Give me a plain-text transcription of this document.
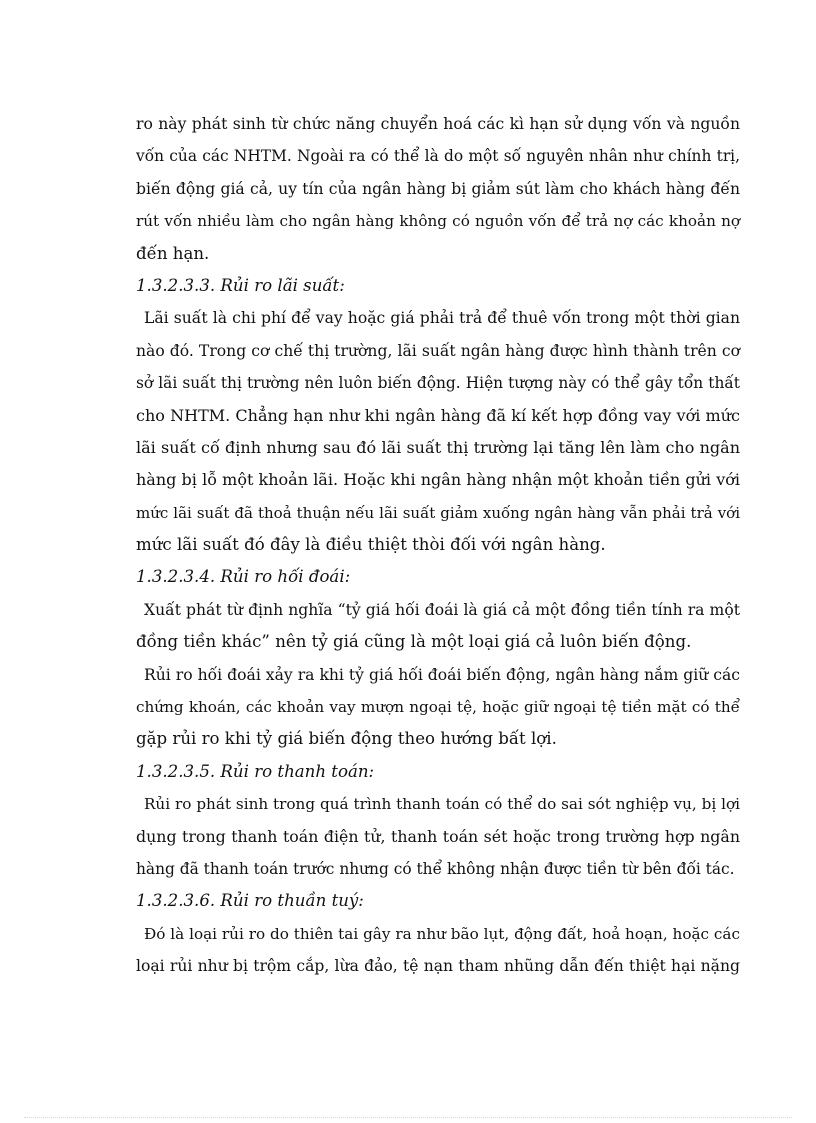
ro này phát sinh từ chức năng chuyển hoá các kì hạn sử dụng vốn và nguồn
vốn của các NHTM. Ngoài ra có thể là do một số nguyên nhân như chính trị,
biến động giá cả, uy tín của ngân hàng bị giảm sút làm cho khách hàng đến
rút vốn nhiều làm cho ngân hàng không có nguồn vốn để trả nợ các khoản nợ
đến hạn.
1.3.2.3.3. Rủi ro lãi suất:
Lãi suất là chi phí để vay hoặc giá phải trả để thuê vốn trong một thời gian
nào đó. Trong cơ chế thị trường, lãi suất ngân hàng được hình thành trên cơ
sở lãi suất thị trường nên luôn biến động. Hiện tượng này có thể gây tổn thất
cho NHTM. Chẳng hạn như khi ngân hàng đã kí kết hợp đồng vay với mức
lãi suất cố định nhưng sau đó lãi suất thị trường lại tăng lên làm cho ngân
hàng bị lỗ một khoản lãi. Hoặc khi ngân hàng nhận một khoản tiền gửi với
mức lãi suất đã thoả thuận nếu lãi suất giảm xuống ngân hàng vẫn phải trả với
mức lãi suất đó đây là điều thiệt thòi đối với ngân hàng.
1.3.2.3.4. Rủi ro hối đoái:
Xuất phát từ định nghĩa “tỷ giá hối đoái là giá cả một đồng tiền tính ra một
đồng tiền khác” nên tỷ giá cũng là một loại giá cả luôn biến động.
Rủi ro hối đoái xảy ra khi tỷ giá hối đoái biến động, ngân hàng nắm giữ các
chứng khoán, các khoản vay mượn ngoại tệ, hoặc giữ ngoại tệ tiền mặt có thể
gặp rủi ro khi tỷ giá biến động theo hướng bất lợi.
1.3.2.3.5. Rủi ro thanh toán:
Rủi ro phát sinh trong quá trình thanh toán có thể do sai sót nghiệp vụ, bị lợi
dụng trong thanh toán điện tử, thanh toán sét hoặc trong trường hợp ngân
hàng đã thanh toán trước nhưng có thể không nhận được tiền từ bên đối tác.
1.3.2.3.6. Rủi ro thuần tuý:
Đó là loại rủi ro do thiên tai gây ra như bão lụt, động đất, hoả hoạn, hoặc các
loại rủi như bị trộm cắp, lừa đảo, tệ nạn tham nhũng dẫn đến thiệt hại nặng
